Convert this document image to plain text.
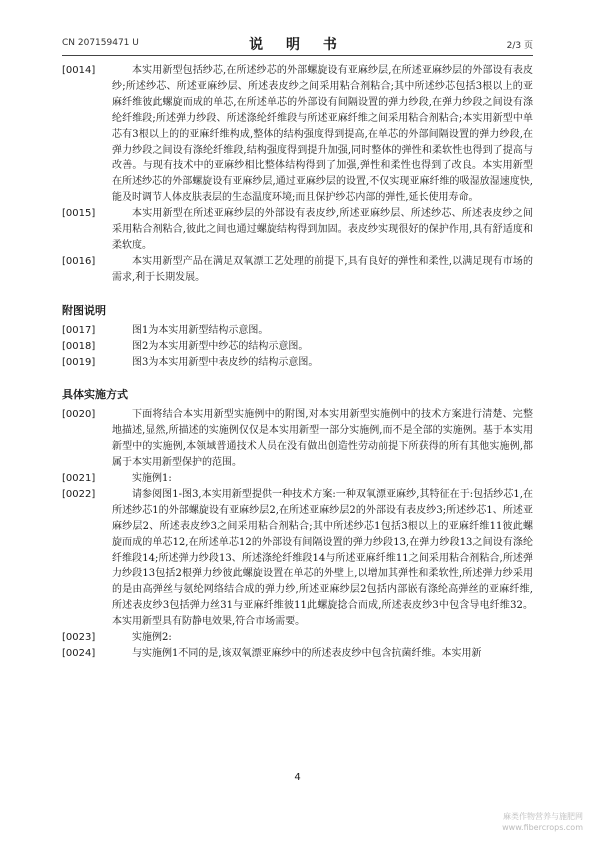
CN 207159471 U	说 明 书	2/3 页
[0014]	本实用新型包括纱芯,在所述纱芯的外部螺旋设有亚麻纱层,在所述亚麻纱层的外部设有表皮纱;所述纱芯、所述亚麻纱层、所述表皮纱之间采用粘合剂粘合;其中所述纱芯包括3根以上的亚麻纤维彼此螺旋而成的单芯,在所述单芯的外部设有间隔设置的弹力纱段,在弹力纱段之间设有涤纶纤维段;所述弹力纱段、所述涤纶纤维段与所述亚麻纤维之间采用粘合剂粘合;本实用新型中单芯有3根以上的的亚麻纤维构成,整体的结构强度得到提高,在单芯的外部间隔设置的弹力纱段,在弹力纱段之间设有涤纶纤维段,结构强度得到提升加强,同时整体的弹性和柔软性也得到了提高与改善。与现有技术中的亚麻纱相比整体结构得到了加强,弹性和柔性也得到了改良。本实用新型在所述纱芯的外部螺旋设有亚麻纱层,通过亚麻纱层的设置,不仅实现亚麻纤维的吸湿放湿速度快,能及时调节人体皮肤表层的生态温度环境;而且保护纱芯内部的弹性,延长使用寿命。
[0015]	本实用新型在所述亚麻纱层的外部设有表皮纱,所述亚麻纱层、所述纱芯、所述表皮纱之间采用粘合剂粘合,彼此之间也通过螺旋结构得到加固。表皮纱实现很好的保护作用,具有舒适度和柔软度。
[0016]	本实用新型产品在满足双氧漂工艺处理的前提下,具有良好的弹性和柔性,以满足现有市场的需求,利于长期发展。
附图说明
[0017]	图1为本实用新型结构示意图。
[0018]	图2为本实用新型中纱芯的结构示意图。
[0019]	图3为本实用新型中表皮纱的结构示意图。
具体实施方式
[0020]	下面将结合本实用新型实施例中的附图,对本实用新型实施例中的技术方案进行清楚、完整地描述,显然,所描述的实施例仅仅是本实用新型一部分实施例,而不是全部的实施例。基于本实用新型中的实施例,本领域普通技术人员在没有做出创造性劳动前提下所获得的所有其他实施例,都属于本实用新型保护的范围。
[0021]	实施例1:
[0022]	请参阅图1-图3,本实用新型提供一种技术方案:一种双氧漂亚麻纱,其特征在于:包括纱芯1,在所述纱芯1的外部螺旋设有亚麻纱层2,在所述亚麻纱层2的外部设有表皮纱3;所述纱芯1、所述亚麻纱层2、所述表皮纱3之间采用粘合剂粘合;其中所述纱芯1包括3根以上的亚麻纤维11彼此螺旋而成的单芯12,在所述单芯12的外部设有间隔设置的弹力纱段13,在弹力纱段13之间设有涤纶纤维段14;所述弹力纱段13、所述涤纶纤维段14与所述亚麻纤维11之间采用粘合剂粘合,所述弹力纱段13包括2根弹力纱彼此螺旋设置在单芯的外壁上,以增加其弹性和柔软性,所述弹力纱采用的是由高弹丝与氨纶网络结合成的弹力纱,所述亚麻纱层2包括内部嵌有涤纶高弹丝的亚麻纤维,所述表皮纱3包括弹力丝31与亚麻纤维彼11此螺旋捻合而成,所述表皮纱3中包含导电纤维32。本实用新型具有防静电效果,符合市场需要。
[0023]	实施例2:
[0024]	与实施例1不同的是,该双氧漂亚麻纱中的所述表皮纱中包含抗菌纤维。本实用新
4
麻类作物营养与施肥网
www.fibercrops.com
